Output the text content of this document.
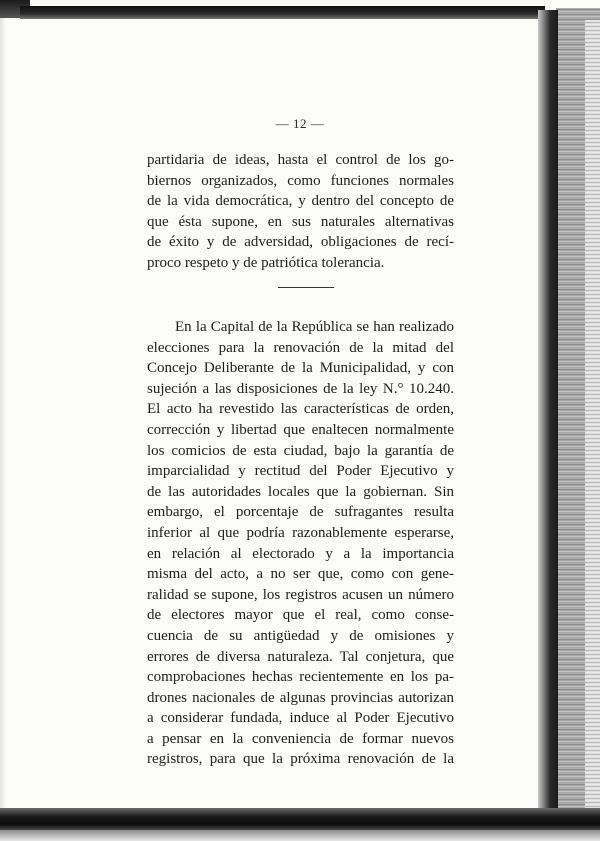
— 12 —
partidaria de ideas, hasta el control de los go-
biernos organizados, como funciones normales
de la vida democrática, y dentro del concepto de
que ésta supone, en sus naturales alternativas
de éxito y de adversidad, obligaciones de recí-
proco respeto y de patriótica tolerancia.
En la Capital de la República se han realizado
elecciones para la renovación de la mitad del
Concejo Deliberante de la Municipalidad, y con
sujeción a las disposiciones de la ley N.° 10.240.
El acto ha revestido las características de orden,
corrección y libertad que enaltecen normalmente
los comicios de esta ciudad, bajo la garantía de
imparcialidad y rectitud del Poder Ejecutivo y
de las autoridades locales que la gobiernan. Sin
embargo, el porcentaje de sufragantes resulta
inferior al que podría razonablemente esperarse,
en relación al electorado y a la importancia
misma del acto, a no ser que, como con gene-
ralidad se supone, los registros acusen un número
de electores mayor que el real, como conse-
cuencia de su antigüedad y de omisiones y
errores de diversa naturaleza. Tal conjetura, que
comprobaciones hechas recientemente en los pa-
drones nacionales de algunas provincias autorizan
a considerar fundada, induce al Poder Ejecutivo
a pensar en la conveniencia de formar nuevos
registros, para que la próxima renovación de la
